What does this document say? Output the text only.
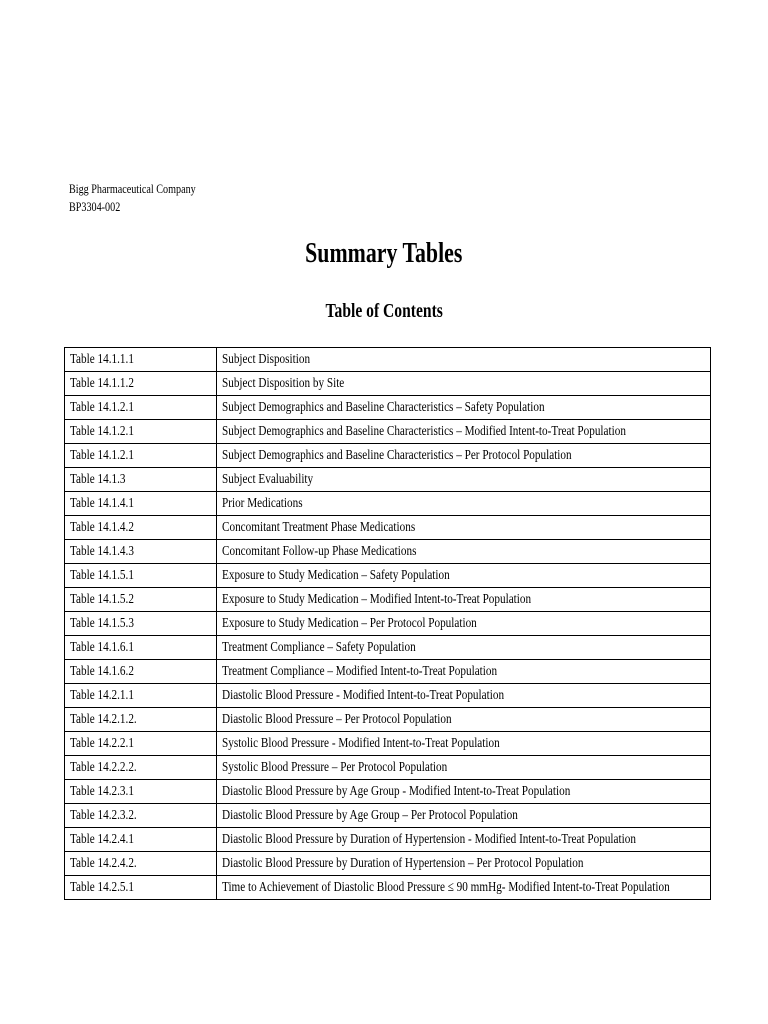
Bigg Pharmaceutical Company
BP3304-002
Summary Tables
Table of Contents
Table 14.1.1.1	Subject Disposition
Table 14.1.1.2	Subject Disposition by Site
Table 14.1.2.1	Subject Demographics and Baseline Characteristics – Safety Population
Table 14.1.2.1	Subject Demographics and Baseline Characteristics – Modified Intent-to-Treat Population
Table 14.1.2.1	Subject Demographics and Baseline Characteristics – Per Protocol Population
Table 14.1.3	Subject Evaluability
Table 14.1.4.1	Prior Medications
Table 14.1.4.2	Concomitant Treatment Phase Medications
Table 14.1.4.3	Concomitant Follow-up Phase Medications
Table 14.1.5.1	Exposure to Study Medication – Safety Population
Table 14.1.5.2	Exposure to Study Medication – Modified Intent-to-Treat Population
Table 14.1.5.3	Exposure to Study Medication – Per Protocol Population
Table 14.1.6.1	Treatment Compliance – Safety Population
Table 14.1.6.2	Treatment Compliance – Modified Intent-to-Treat Population
Table 14.2.1.1	Diastolic Blood Pressure - Modified Intent-to-Treat Population
Table 14.2.1.2.	Diastolic Blood Pressure – Per Protocol Population
Table 14.2.2.1	Systolic Blood Pressure - Modified Intent-to-Treat Population
Table 14.2.2.2.	Systolic Blood Pressure – Per Protocol Population
Table 14.2.3.1	Diastolic Blood Pressure by Age Group - Modified Intent-to-Treat Population
Table 14.2.3.2.	Diastolic Blood Pressure by Age Group – Per Protocol Population
Table 14.2.4.1	Diastolic Blood Pressure by Duration of Hypertension - Modified Intent-to-Treat Population
Table 14.2.4.2.	Diastolic Blood Pressure by Duration of Hypertension – Per Protocol Population
Table 14.2.5.1	Time to Achievement of Diastolic Blood Pressure ≤ 90 mmHg- Modified Intent-to-Treat Population
